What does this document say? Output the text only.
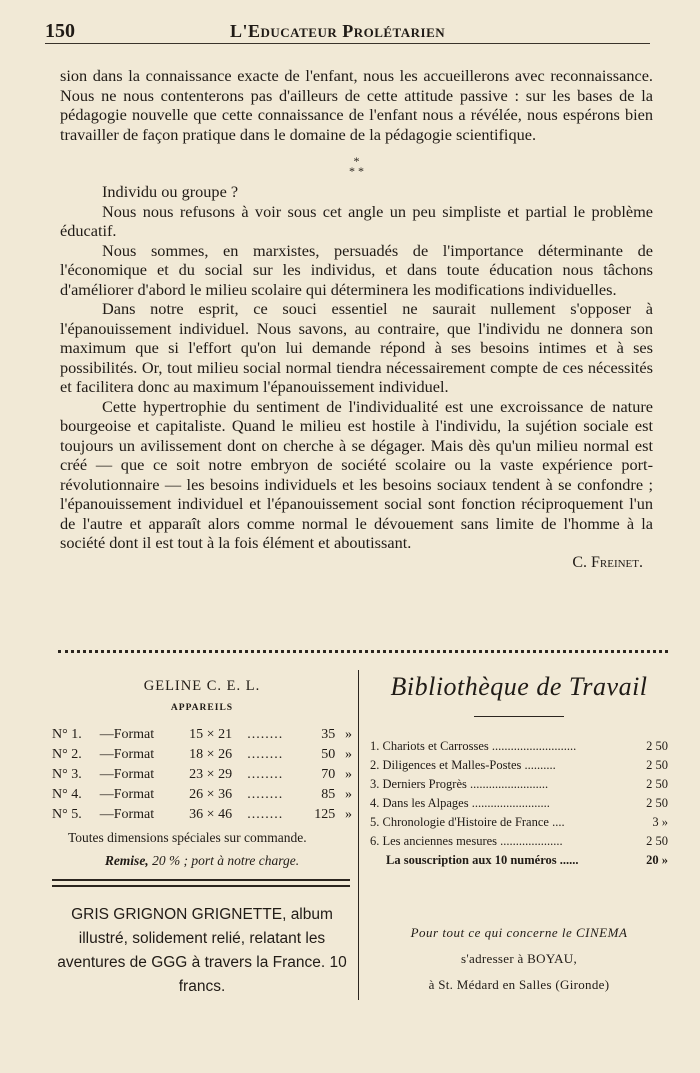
150	L'Educateur Prolétarien

sion dans la connaissance exacte de l'enfant, nous les accueillerons avec reconnaissance. Nous ne nous contenterons pas d'ailleurs de cette attitude passive : sur les bases de la pédagogie nouvelle que cette connaissance de l'enfant nous a révélée, nous espérons bien travailler de façon pratique dans le domaine de la pédagogie scientifique.

*
* *

Individu ou groupe ?

Nous nous refusons à voir sous cet angle un peu simpliste et partial le problème éducatif.

Nous sommes, en marxistes, persuadés de l'importance déterminante de l'économique et du social sur les individus, et dans toute éducation nous tâchons d'améliorer d'abord le milieu scolaire qui déterminera les modifications individuelles.

Dans notre esprit, ce souci essentiel ne saurait nullement s'opposer à l'épanouissement individuel. Nous savons, au contraire, que l'individu ne donnera son maximum que si l'effort qu'on lui demande répond à ses besoins intimes et à ses possibilités. Or, tout milieu social normal tiendra nécessairement compte de ces nécessités et facilitera donc au maximum l'épanouissement individuel.

Cette hypertrophie du sentiment de l'individualité est une excroissance de nature bourgeoise et capitaliste. Quand le milieu est hostile à l'individu, la sujétion sociale est toujours un avilissement dont on cherche à se dégager. Mais dès qu'un milieu normal est créé — que ce soit notre embryon de société scolaire ou la vaste expérience port-révolutionnaire — les besoins individuels et les besoins sociaux tendent à se confondre ; l'épanouissement individuel et l'épanouissement social sont fonction réciproquement l'un de l'autre et apparaît alors comme normal le dévouement sans limite de l'homme à la société dont il est tout à la fois élément et aboutissant.

C. Freinet.
GELINE C. E. L.
APPAREILS
N° 1.	—	Format	15 × 21	........	35	»
N° 2.	—	Format	18 × 26	........	50	»
N° 3.	—	Format	23 × 29	........	70	»
N° 4.	—	Format	26 × 36	........	85	»
N° 5.	—	Format	36 × 46	........	125	»
Toutes dimensions spéciales sur commande.
Remise, 20 % ; port à notre charge.
GRIS GRIGNON GRIGNETTE, album illustré, solidement relié, relatant les aventures de GGG à travers la France. 10 francs.
Bibliothèque de Travail
1. Chariots et Carrosses ...........................	2 50
2. Diligences et Malles-Postes ..........	2 50
3. Derniers Progrès .........................	2 50
4. Dans les Alpages .........................	2 50
5. Chronologie d'Histoire de France ....	3 »
6. Les anciennes mesures ....................	2 50
La souscription aux 10 numéros ......	20 »
Pour tout ce qui concerne le CINEMA
s'adresser à BOYAU,
à St. Médard en Salles (Gironde)
